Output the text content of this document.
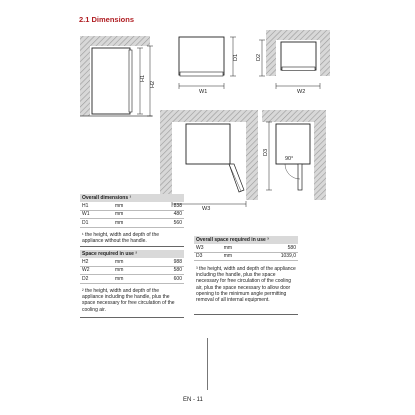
2.1 Dimensions
H1
H2
W1
D1
W2
D2
W3
D3
90°
Overall dimensions ¹		
H1	mm	838
W1	mm	480
D1	mm	560
¹ the height, width and depth of the appliance without the handle.
Space required in use ²		
H2	mm	988
W2	mm	580
D2	mm	600
² the height, width and depth of the appliance including the handle, plus the space necessary for free circulation of the cooling air.
Overall space required in use ³		
W3	mm	580
D3	mm	1039,0
³ the height, width and depth of the appliance including the handle, plus the space necessary for free circulation of the cooling air, plus the space necessary to allow door opening to the minimum angle permitting removal of all internal equipment.
EN - 11
